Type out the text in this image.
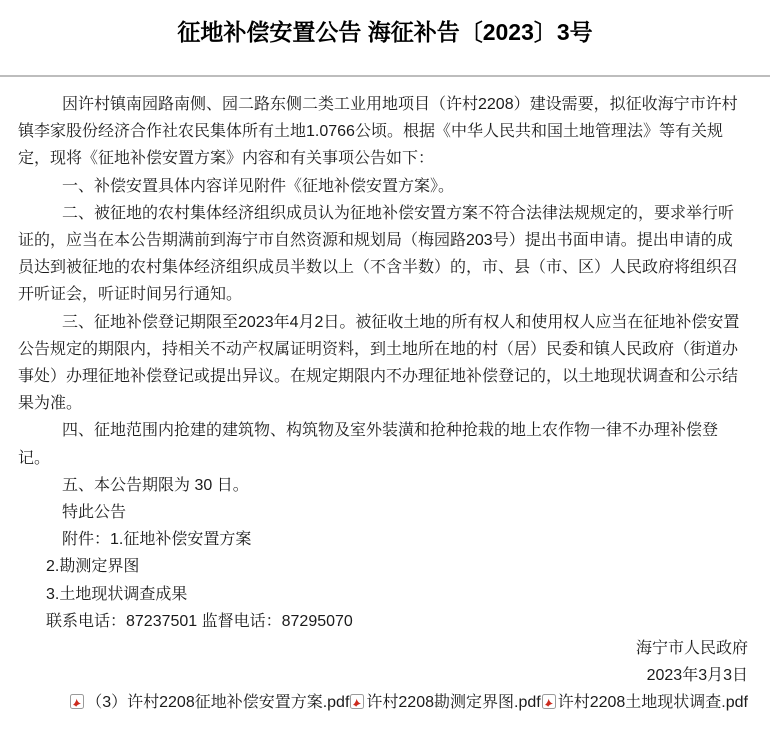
征地补偿安置公告 海征补告〔2023〕3号

因许村镇南园路南侧、园二路东侧二类工业用地项目（许村2208）建设需要，拟征收海宁市许村镇李家股份经济合作社农民集体所有土地1.0766公顷。根据《中华人民共和国土地管理法》等有关规定，现将《征地补偿安置方案》内容和有关事项公告如下：

一、补偿安置具体内容详见附件《征地补偿安置方案》。

二、被征地的农村集体经济组织成员认为征地补偿安置方案不符合法律法规规定的，要求举行听证的，应当在本公告期满前到海宁市自然资源和规划局（梅园路203号）提出书面申请。提出申请的成员达到被征地的农村集体经济组织成员半数以上（不含半数）的，市、县（市、区）人民政府将组织召开听证会，听证时间另行通知。

三、征地补偿登记期限至2023年4月2日。被征收土地的所有权人和使用权人应当在征地补偿安置公告规定的期限内，持相关不动产权属证明资料，到土地所在地的村（居）民委和镇人民政府（街道办事处）办理征地补偿登记或提出异议。在规定期限内不办理征地补偿登记的，以土地现状调查和公示结果为准。

四、征地范围内抢建的建筑物、构筑物及室外装潢和抢种抢栽的地上农作物一律不办理补偿登记。

五、本公告期限为 30 日。

特此公告

附件：1.征地补偿安置方案

2.勘测定界图

3.土地现状调查成果

联系电话：87237501 监督电话：87295070

海宁市人民政府

2023年3月3日

（3）许村2208征地补偿安置方案.pdf 许村2208勘测定界图.pdf 许村2208土地现状调查.pdf
